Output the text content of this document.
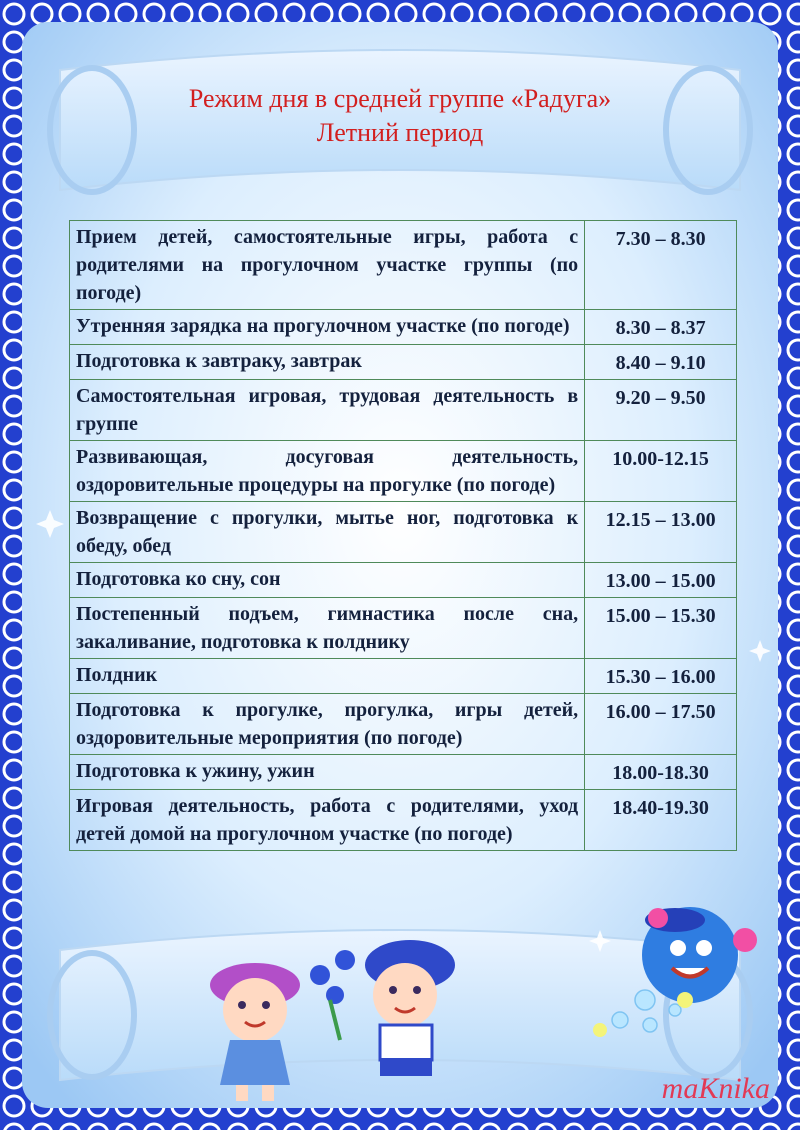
Режим дня в средней группе «Радуга»
Летний период
Прием детей, самостоятельные игры, работа с родителями на прогулочном участке группы (по погоде)	7.30 – 8.30
Утренняя зарядка на прогулочном участке (по погоде)	8.30 – 8.37
Подготовка к завтраку, завтрак	8.40 – 9.10
Самостоятельная игровая, трудовая деятельность в группе	9.20 – 9.50
Развивающая, досуговая деятельность, оздоровительные процедуры на прогулке (по погоде)	10.00-12.15
Возвращение с прогулки, мытье ног, подготовка к обеду, обед	12.15 – 13.00
Подготовка ко сну, сон	13.00 – 15.00
Постепенный подъем, гимнастика после сна, закаливание, подготовка к полднику	15.00 – 15.30
Полдник	15.30 – 16.00
Подготовка к прогулке, прогулка, игры детей, оздоровительные мероприятия (по погоде)	16.00 – 17.50
Подготовка к ужину, ужин	18.00-18.30
Игровая деятельность, работа с родителями, уход детей домой на прогулочном участке (по погоде)	18.40-19.30
maKnika
